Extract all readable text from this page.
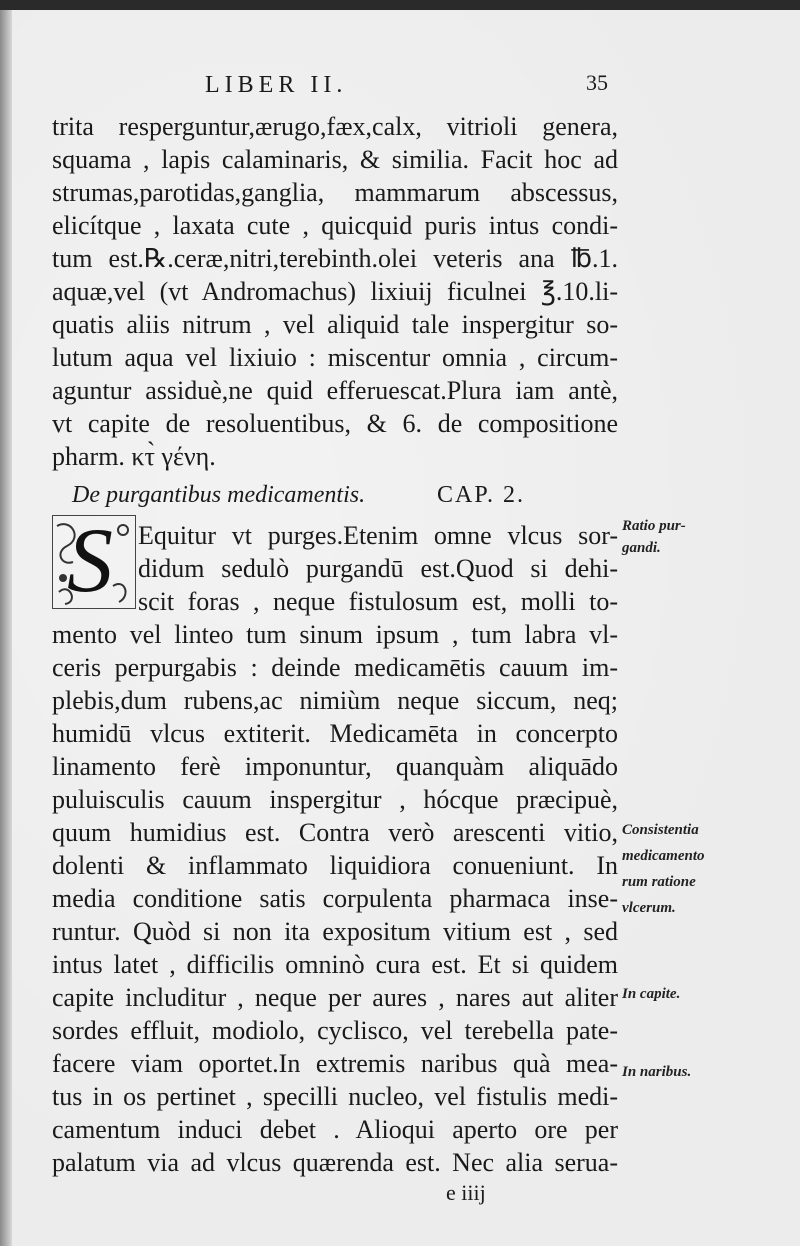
LIBER II.	35
trita resperguntur,ærugo,fæx,calx, vitrioli genera,
squama , lapis calaminaris, & similia. Facit hoc ad
strumas,parotidas,ganglia, mammarum abscessus,
elicítque , laxata cute , quicquid puris intus condi-
tum est.℞.ceræ,nitri,terebinth.olei veteris ana ℔.1.
aquæ,vel (vt Andromachus) lixiuij ficulnei ℥.10.li-
quatis aliis nitrum , vel aliquid tale inspergitur so-
lutum aqua vel lixiuio : miscentur omnia , circum-
aguntur assiduè,ne quid efferuescat.Plura iam antè,
vt capite de resoluentibus, & 6. de compositione
pharm. κτ̀ γένη.
De purgantibus medicamentis.	CAP. 2.
S Equitur vt purges.Etenim omne vlcus sor-
didum sedulò purgandū est.Quod si dehi-
scit foras , neque fistulosum est, molli to-
mento vel linteo tum sinum ipsum , tum labra vl-
ceris perpurgabis : deinde medicamētis cauum im-
plebis,dum rubens,ac nimiùm neque siccum, neq;
humidū vlcus extiterit. Medicamēta in concerpto
linamento ferè imponuntur, quanquàm aliquādo
puluisculis cauum inspergitur , hócque præcipuè,
quum humidius est. Contra verò arescenti vitio,
dolenti & inflammato liquidiora conueniunt. In
media conditione satis corpulenta pharmaca inse-
runtur. Quòd si non ita expositum vitium est , sed
intus latet , difficilis omninò cura est. Et si quidem
capite includitur , neque per aures , nares aut aliter
sordes effluit, modiolo, cyclisco, vel terebella pate-
facere viam oportet.In extremis naribus quà mea-
tus in os pertinet , specilli nucleo, vel fistulis medi-
camentum induci debet . Alioqui aperto ore per
palatum via ad vlcus quærenda est. Nec alia serua-
Ratio pur-
gandi.
Consistentia
medicamento
rum ratione
vlcerum.
In capite.
In naribus.
e iiij
